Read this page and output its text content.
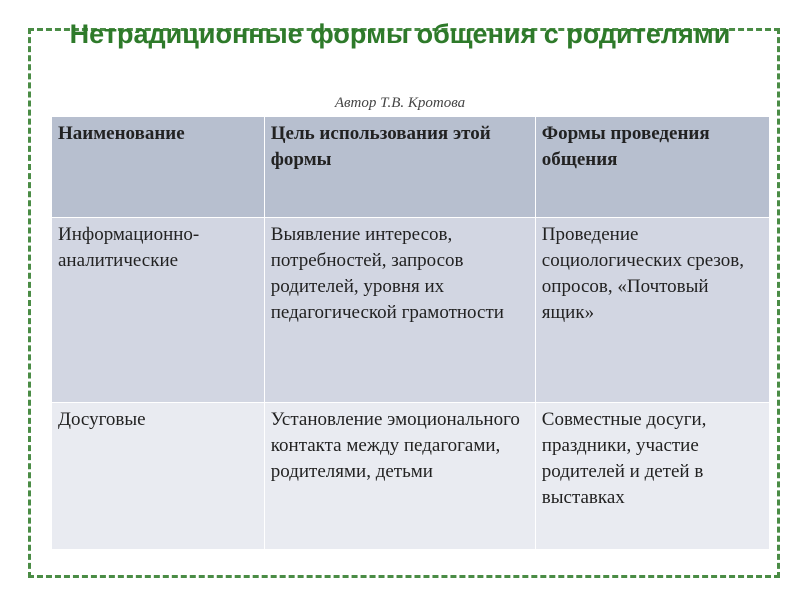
Нетрадиционные формы общения с родителями
Автор Т.В. Кротова
Наименование	Цель использования этой формы	Формы проведения общения
Информационно-аналитические	Выявление интересов, потребностей, запросов родителей, уровня их педагогической грамотности	Проведение социологических срезов, опросов, «Почтовый ящик»
Досуговые	Установление эмоционального контакта между педагогами, родителями, детьми	Совместные досуги, праздники, участие родителей и детей в выставках
